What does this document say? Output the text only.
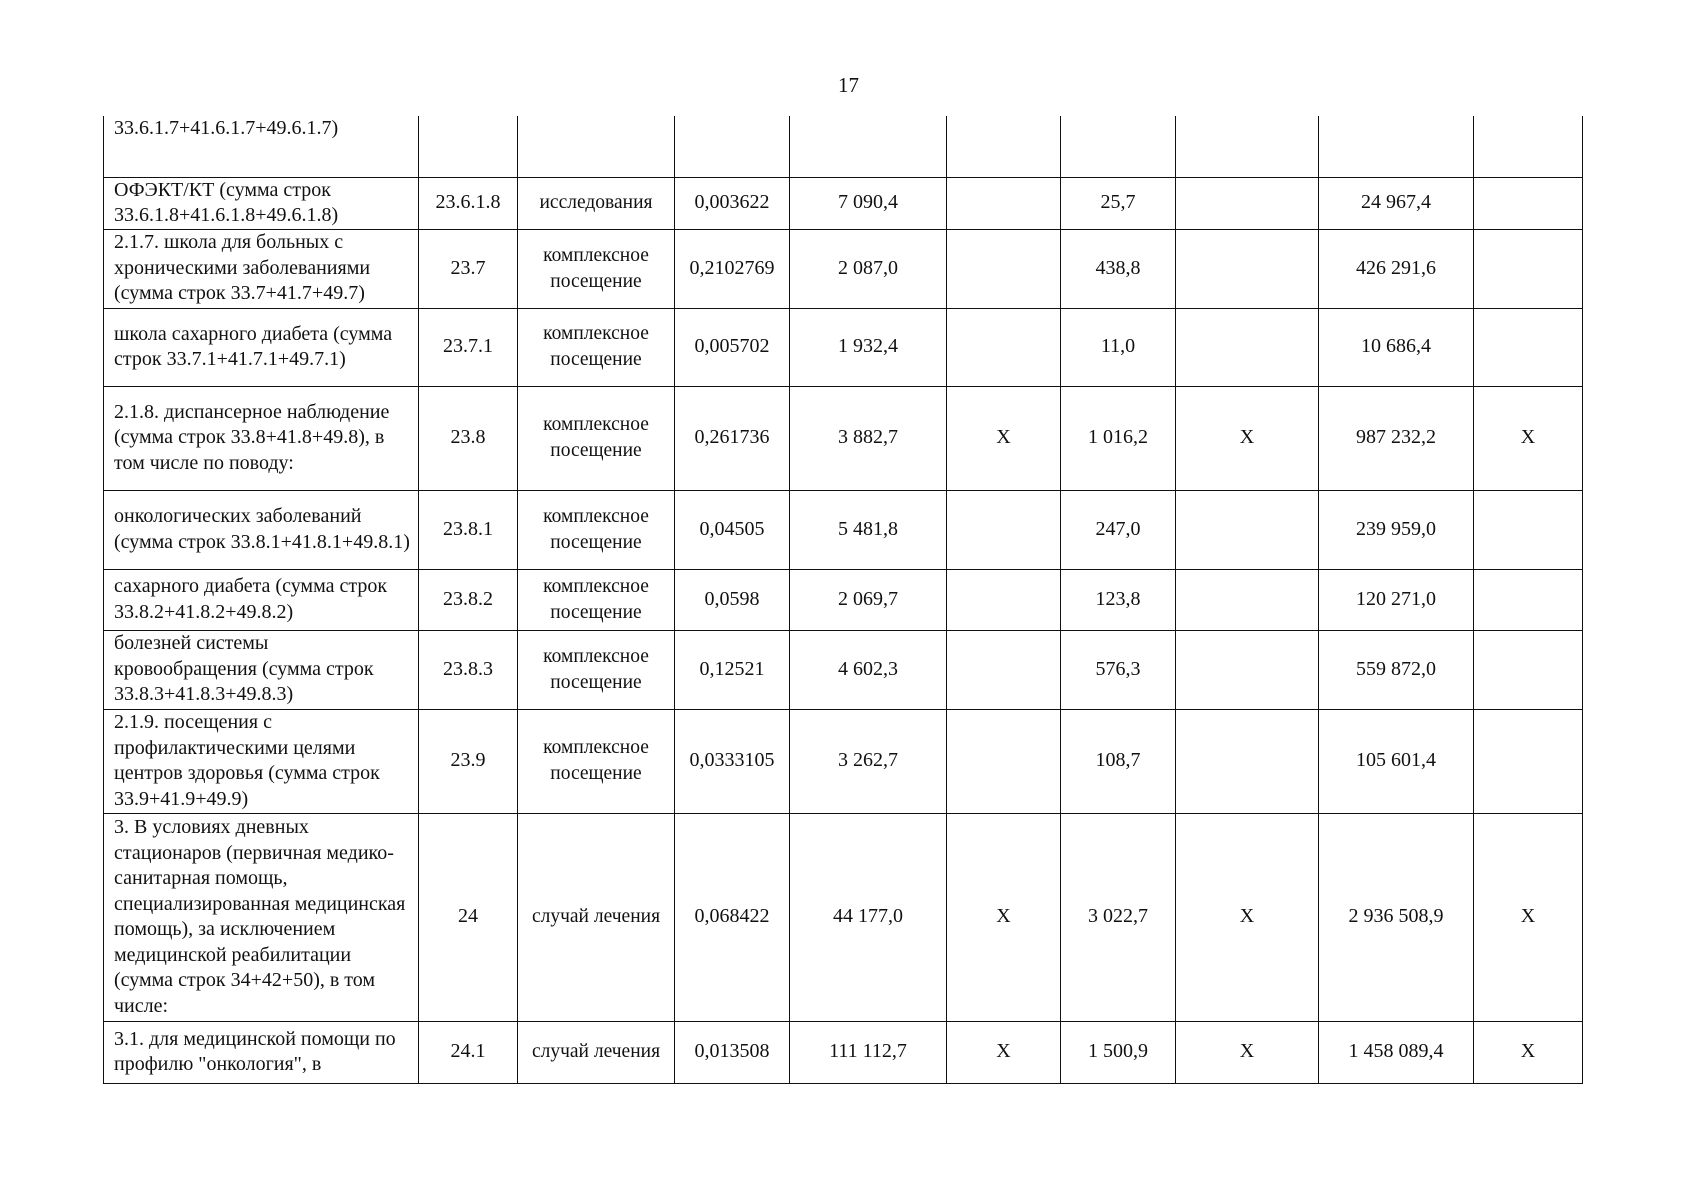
17
33.6.1.7+41.6.1.7+49.6.1.7)									
ОФЭКТ/КТ (сумма строк 33.6.1.8+41.6.1.8+49.6.1.8)	23.6.1.8	исследования	0,003622	7 090,4		25,7		24 967,4	
2.1.7. школа для больных с хроническими заболеваниями (сумма строк 33.7+41.7+49.7)	23.7	комплексное посещение	0,2102769	2 087,0		438,8		426 291,6	
школа сахарного диабета (сумма строк 33.7.1+41.7.1+49.7.1)	23.7.1	комплексное посещение	0,005702	1 932,4		11,0		10 686,4	
2.1.8. диспансерное наблюдение (сумма строк 33.8+41.8+49.8), в том числе по поводу:	23.8	комплексное посещение	0,261736	3 882,7	Х	1 016,2	Х	987 232,2	Х
онкологических заболеваний (сумма строк 33.8.1+41.8.1+49.8.1)	23.8.1	комплексное посещение	0,04505	5 481,8		247,0		239 959,0	
сахарного диабета (сумма строк 33.8.2+41.8.2+49.8.2)	23.8.2	комплексное посещение	0,0598	2 069,7		123,8		120 271,0	
болезней системы кровообращения (сумма строк 33.8.3+41.8.3+49.8.3)	23.8.3	комплексное посещение	0,12521	4 602,3		576,3		559 872,0	
2.1.9. посещения с профилактическими целями центров здоровья (сумма строк 33.9+41.9+49.9)	23.9	комплексное посещение	0,0333105	3 262,7		108,7		105 601,4	
3. В условиях дневных стационаров (первичная медико-санитарная помощь, специализированная медицинская помощь), за исключением медицинской реабилитации (сумма строк 34+42+50), в том числе:	24	случай лечения	0,068422	44 177,0	Х	3 022,7	Х	2 936 508,9	Х
3.1. для медицинской помощи по профилю "онкология", в	24.1	случай лечения	0,013508	111 112,7	Х	1 500,9	Х	1 458 089,4	Х
